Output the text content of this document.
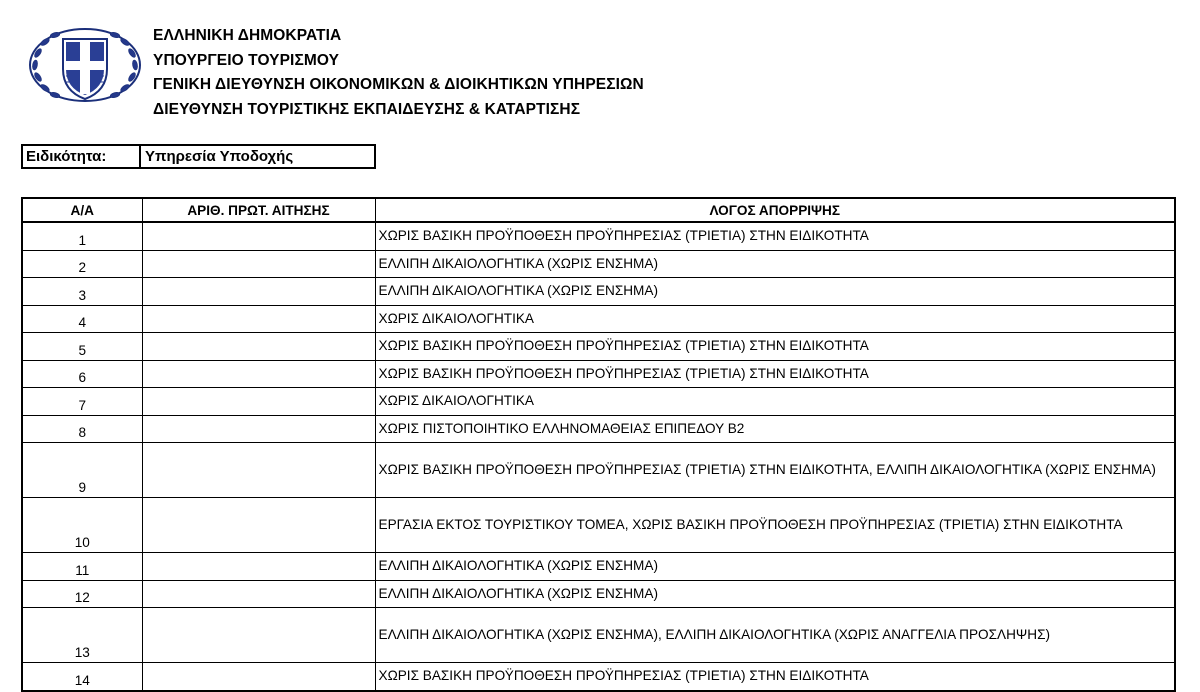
ΕΛΛΗΝΙΚΗ ΔΗΜΟΚΡΑΤΙΑ
ΥΠΟΥΡΓΕΙΟ ΤΟΥΡΙΣΜΟΥ
ΓΕΝΙΚΗ ΔΙΕΥΘΥΝΣΗ ΟΙΚΟΝΟΜΙΚΩΝ & ΔΙΟΙΚΗΤΙΚΩΝ ΥΠΗΡΕΣΙΩΝ
ΔΙΕΥΘΥΝΣΗ ΤΟΥΡΙΣΤΙΚΗΣ ΕΚΠΑΙΔΕΥΣΗΣ & ΚΑΤΑΡΤΙΣΗΣ
Ειδικότητα:	Υπηρεσία Υποδοχής
Α/Α	ΑΡΙΘ. ΠΡΩΤ. ΑΙΤΗΣΗΣ	ΛΟΓΟΣ ΑΠΟΡΡΙΨΗΣ
1		ΧΩΡΙΣ ΒΑΣΙΚΗ ΠΡΟΫΠΟΘΕΣΗ ΠΡΟΫΠΗΡΕΣΙΑΣ (ΤΡΙΕΤΙΑ) ΣΤΗΝ ΕΙΔΙΚΟΤΗΤΑ
2		ΕΛΛΙΠΗ ΔΙΚΑΙΟΛΟΓΗΤΙΚΑ (ΧΩΡΙΣ ΕΝΣΗΜΑ)
3		ΕΛΛΙΠΗ ΔΙΚΑΙΟΛΟΓΗΤΙΚΑ (ΧΩΡΙΣ ΕΝΣΗΜΑ)
4		ΧΩΡΙΣ ΔΙΚΑΙΟΛΟΓΗΤΙΚΑ
5		ΧΩΡΙΣ ΒΑΣΙΚΗ ΠΡΟΫΠΟΘΕΣΗ ΠΡΟΫΠΗΡΕΣΙΑΣ (ΤΡΙΕΤΙΑ) ΣΤΗΝ ΕΙΔΙΚΟΤΗΤΑ
6		ΧΩΡΙΣ ΒΑΣΙΚΗ ΠΡΟΫΠΟΘΕΣΗ ΠΡΟΫΠΗΡΕΣΙΑΣ (ΤΡΙΕΤΙΑ) ΣΤΗΝ ΕΙΔΙΚΟΤΗΤΑ
7		ΧΩΡΙΣ ΔΙΚΑΙΟΛΟΓΗΤΙΚΑ
8		ΧΩΡΙΣ ΠΙΣΤΟΠΟΙΗΤΙΚΟ ΕΛΛΗΝΟΜΑΘΕΙΑΣ ΕΠΙΠΕΔΟΥ Β2
9		ΧΩΡΙΣ ΒΑΣΙΚΗ ΠΡΟΫΠΟΘΕΣΗ ΠΡΟΫΠΗΡΕΣΙΑΣ (ΤΡΙΕΤΙΑ) ΣΤΗΝ ΕΙΔΙΚΟΤΗΤΑ, ΕΛΛΙΠΗ ΔΙΚΑΙΟΛΟΓΗΤΙΚΑ (ΧΩΡΙΣ ΕΝΣΗΜΑ)
10		ΕΡΓΑΣΙΑ ΕΚΤΟΣ ΤΟΥΡΙΣΤΙΚΟΥ ΤΟΜΕΑ, ΧΩΡΙΣ ΒΑΣΙΚΗ ΠΡΟΫΠΟΘΕΣΗ ΠΡΟΫΠΗΡΕΣΙΑΣ (ΤΡΙΕΤΙΑ) ΣΤΗΝ ΕΙΔΙΚΟΤΗΤΑ
11		ΕΛΛΙΠΗ ΔΙΚΑΙΟΛΟΓΗΤΙΚΑ (ΧΩΡΙΣ ΕΝΣΗΜΑ)
12		ΕΛΛΙΠΗ ΔΙΚΑΙΟΛΟΓΗΤΙΚΑ (ΧΩΡΙΣ ΕΝΣΗΜΑ)
13		ΕΛΛΙΠΗ ΔΙΚΑΙΟΛΟΓΗΤΙΚΑ (ΧΩΡΙΣ ΕΝΣΗΜΑ), ΕΛΛΙΠΗ ΔΙΚΑΙΟΛΟΓΗΤΙΚΑ (ΧΩΡΙΣ ΑΝΑΓΓΕΛΙΑ ΠΡΟΣΛΗΨΗΣ)
14		ΧΩΡΙΣ ΒΑΣΙΚΗ ΠΡΟΫΠΟΘΕΣΗ ΠΡΟΫΠΗΡΕΣΙΑΣ (ΤΡΙΕΤΙΑ) ΣΤΗΝ ΕΙΔΙΚΟΤΗΤΑ
